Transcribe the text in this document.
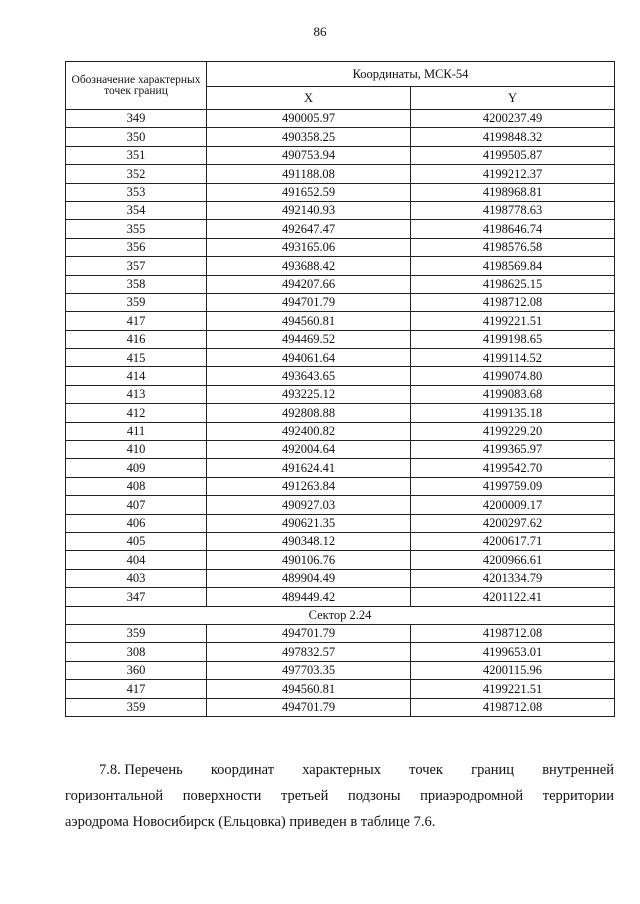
86
Обозначение характерных точек границ	Координаты, МСК-54	
	X	Y
349	490005.97	4200237.49
350	490358.25	4199848.32
351	490753.94	4199505.87
352	491188.08	4199212.37
353	491652.59	4198968.81
354	492140.93	4198778.63
355	492647.47	4198646.74
356	493165.06	4198576.58
357	493688.42	4198569.84
358	494207.66	4198625.15
359	494701.79	4198712.08
417	494560.81	4199221.51
416	494469.52	4199198.65
415	494061.64	4199114.52
414	493643.65	4199074.80
413	493225.12	4199083.68
412	492808.88	4199135.18
411	492400.82	4199229.20
410	492004.64	4199365.97
409	491624.41	4199542.70
408	491263.84	4199759.09
407	490927.03	4200009.17
406	490621.35	4200297.62
405	490348.12	4200617.71
404	490106.76	4200966.61
403	489904.49	4201334.79
347	489449.42	4201122.41
Сектор 2.24		
359	494701.79	4198712.08
308	497832.57	4199653.01
360	497703.35	4200115.96
417	494560.81	4199221.51
359	494701.79	4198712.08
7.8. Перечень координат характерных точек границ внутренней
горизонтальной поверхности третьей подзоны приаэродромной территории
аэродрома Новосибирск (Ельцовка) приведен в таблице 7.6.
